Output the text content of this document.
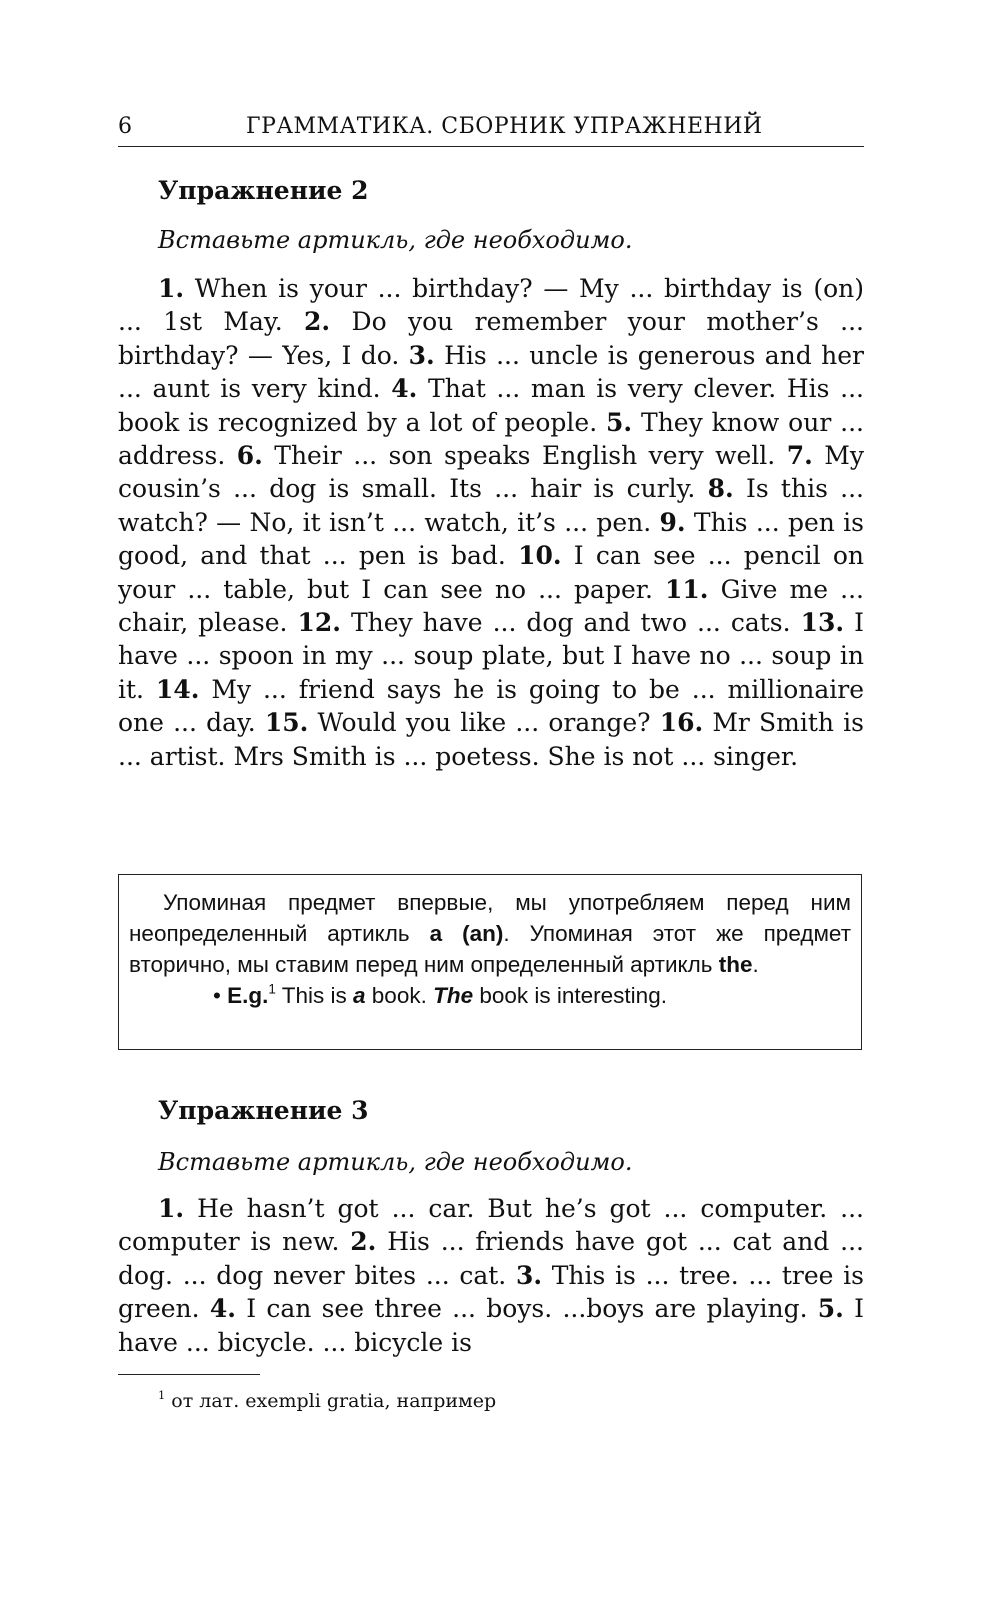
6	ГРАММАТИКА. СБОРНИК УПРАЖНЕНИЙ
Упражнение 2
Вставьте артикль, где необходимо.

1. When is your ... birthday? — My ... birthday is (on) ... 1st May. 2. Do you remember your mother’s ... birthday? — Yes, I do. 3. His ... uncle is generous and her ... aunt is very kind. 4. That ... man is very clever. His ... book is recognized by a lot of people. 5. They know our ... address. 6. Their ... son speaks English very well. 7. My cousin’s ... dog is small. Its ... hair is curly. 8. Is this ... watch? — No, it isn’t ... watch, it’s ... pen. 9. This ... pen is good, and that ... pen is bad. 10. I can see ... pencil on your ... table, but I can see no ... paper. 11. Give me ... chair, please. 12. They have ... dog and two ... cats. 13. I have ... spoon in my ... soup plate, but I have no ... soup in it. 14. My ... friend says he is going to be ... millionaire one ... day. 15. Would you like ... orange? 16. Mr Smith is ... artist. Mrs Smith is ... poetess. She is not ... singer.

Упоминая предмет впервые, мы употребляем перед ним неопределенный артикль a (an). Упоминая этот же предмет вторично, мы ставим перед ним определенный артикль the.

• E.g.$^1$ This is a book. The book is interesting.

Упражнение 3
Вставьте артикль, где необходимо.

1. He hasn’t got ... car. But he’s got ... computer. ... computer is new. 2. His ... friends have got ... cat and ... dog. ... dog never bites ... cat. 3. This is ... tree. ... tree is green. 4. I can see three ... boys. ...boys are playing. 5. I have ... bicycle. ... bicycle is

$^1$ от лат. exempli gratia, например
